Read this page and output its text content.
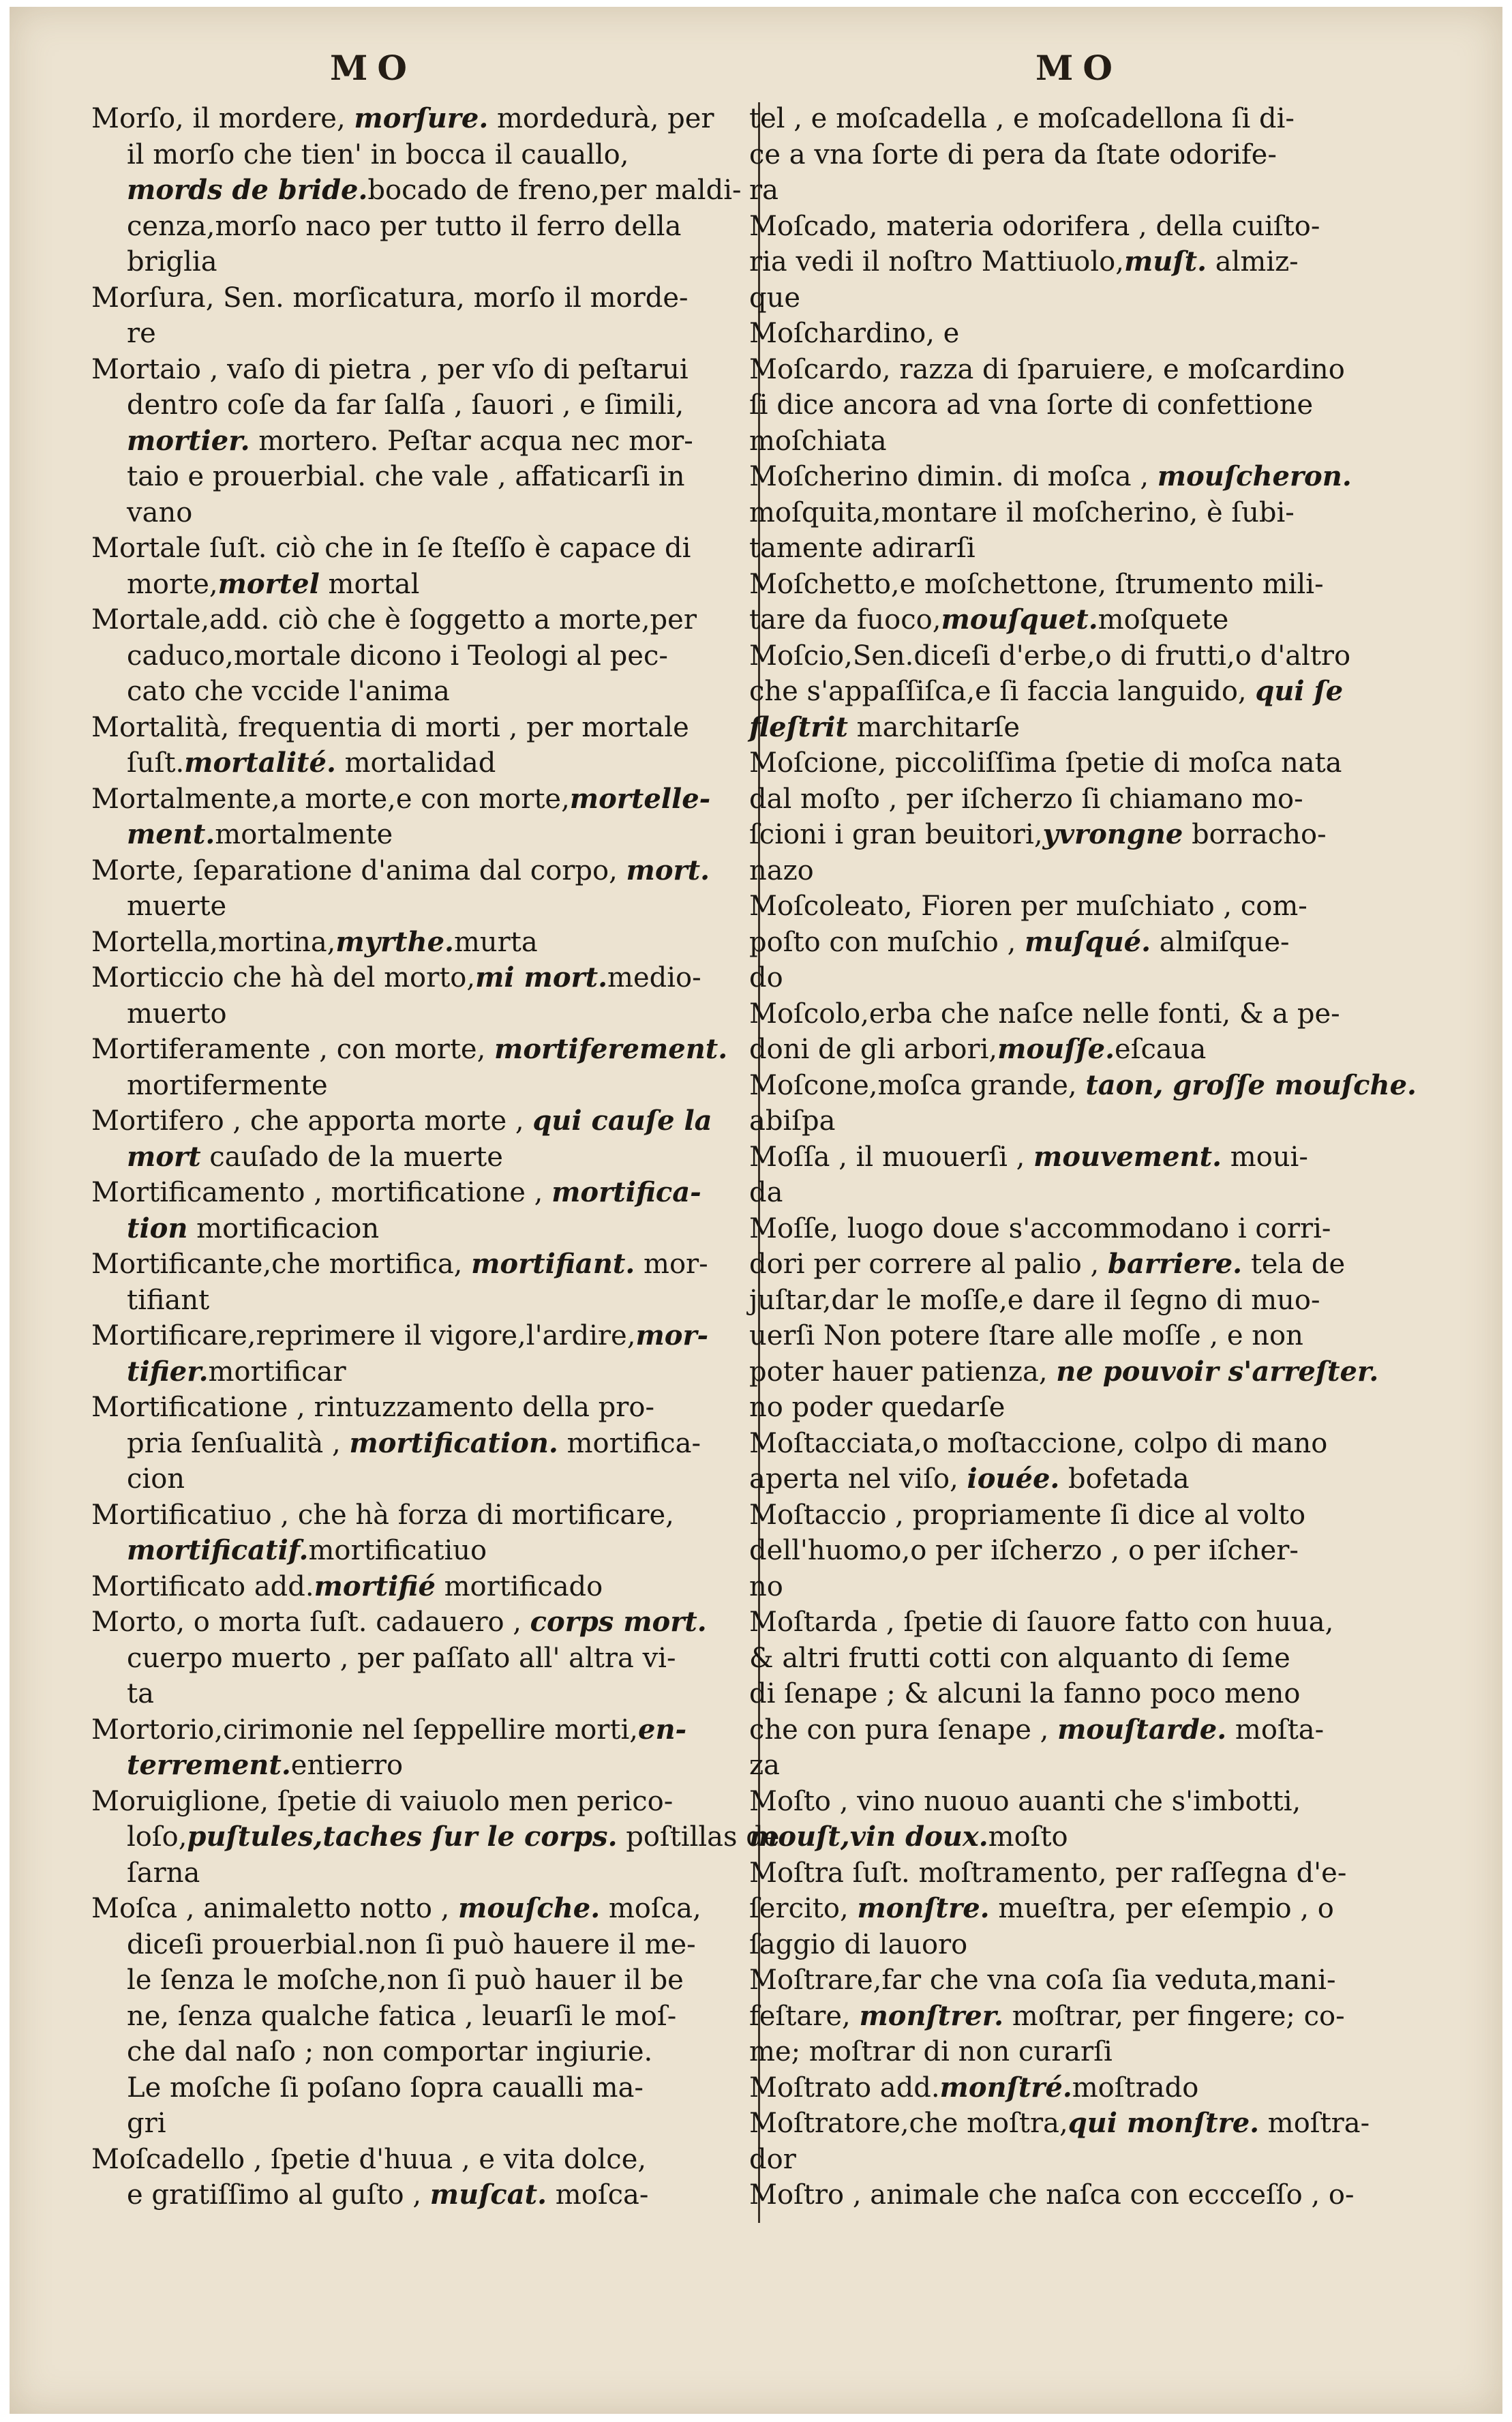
MO	MO
Morſo, il mordere, morſure. mordedurà, per
il morſo che tien' in bocca il cauallo,
mords de bride.bocado de freno,per maldi-
cenza,morſo naco per tutto il ferro della
briglia
Morſura, Sen. morſicatura, morſo il morde-
re
Mortaio , vaſo di pietra , per vſo di peſtarui
dentro coſe da far ſalſa , ſauori , e ſimili,
mortier. mortero. Peſtar acqua nec mor-
taio e prouerbial. che vale , affaticarſi in
vano
Mortale ſuſt. ciò che in ſe ſteſſo è capace di
morte,mortel mortal
Mortale,add. ciò che è ſoggetto a morte,per
caduco,mortale dicono i Teologi al pec-
cato che vccide l'anima
Mortalità, frequentia di morti , per mortale
ſuſt.mortalité. mortalidad
Mortalmente,a morte,e con morte,mortelle-
ment.mortalmente
Morte, ſeparatione d'anima dal corpo, mort.
muerte
Mortella,mortina,myrthe.murta
Morticcio che hà del morto,mi mort.medio-
muerto
Mortiferamente , con morte, mortiferement.
mortifermente
Mortifero , che apporta morte , qui cauſe la
mort cauſado de la muerte
Mortificamento , mortificatione , mortifica-
tion mortificacion
Mortificante,che mortifica, mortifiant. mor-
tifiant
Mortificare,reprimere il vigore,l'ardire,mor-
tifier.mortificar
Mortificatione , rintuzzamento della pro-
pria ſenſualità , mortification. mortifica-
cion
Mortificatiuo , che hà forza di mortificare,
mortificatif.mortificatiuo
Mortificato add.mortifié mortificado
Morto, o morta ſuſt. cadauero , corps mort.
cuerpo muerto , per paſſato all' altra vi-
ta
Mortorio,cirimonie nel ſeppellire morti,en-
terrement.entierro
Moruiglione, ſpetie di vaiuolo men perico-
loſo,puſtules,taches ſur le corps. poſtillas de
ſarna
Moſca , animaletto notto , mouſche. moſca,
diceſi prouerbial.non ſi può hauere il me-
le ſenza le moſche,non ſi può hauer il be
ne, ſenza qualche fatica , leuarſi le moſ-
che dal naſo ; non comportar ingiurie.
Le moſche ſi poſano ſopra caualli ma-
gri
Moſcadello , ſpetie d'huua , e vita dolce,
e gratiſſimo al guſto , muſcat. moſca-
tel , e moſcadella , e moſcadellona ſi di-
ce a vna ſorte di pera da ſtate odorife-
ra
Moſcado, materia odorifera , della cuiſto-
ria vedi il noſtro Mattiuolo,muſt. almiz-
que
Moſchardino, e
Moſcardo, razza di ſparuiere, e moſcardino
ſi dice ancora ad vna ſorte di confettione
moſchiata
Moſcherino dimin. di moſca , mouſcheron.
moſquita,montare il moſcherino, è ſubi-
tamente adirarſi
Moſchetto,e moſchettone, ſtrumento mili-
tare da fuoco,mouſquet.moſquete
Moſcio,Sen.diceſi d'erbe,o di frutti,o d'altro
che s'appaſſiſca,e ſi faccia languido, qui ſe
fleſtrit marchitarſe
Moſcione, piccoliſſima ſpetie di moſca nata
dal moſto , per iſcherzo ſi chiamano mo-
ſcioni i gran beuitori,yvrongne borracho-
nazo
Moſcoleato, Fioren per muſchiato , com-
poſto con muſchio , muſqué. almiſque-
do
Moſcolo,erba che naſce nelle fonti, & a pe-
doni de gli arbori,mouſſe.eſcaua
Moſcone,moſca grande, taon, groſſe mouſche.
abiſpa
Moſſa , il muouerſi , mouvement. moui-
da
Moſſe, luogo doue s'accommodano i corri-
dori per correre al palio , barriere. tela de
juſtar,dar le moſſe,e dare il ſegno di muo-
uerſi Non potere ſtare alle moſſe , e non
poter hauer patienza, ne pouvoir s'arreſter.
no poder quedarſe
Moſtacciata,o moſtaccione, colpo di mano
aperta nel viſo, iouée. bofetada
Moſtaccio , propriamente ſi dice al volto
dell'huomo,o per iſcherzo , o per iſcher-
no
Moſtarda , ſpetie di ſauore fatto con huua,
& altri frutti cotti con alquanto di ſeme
di ſenape ; & alcuni la fanno poco meno
che con pura ſenape , mouſtarde. moſta-
za
Moſto , vino nuouo auanti che s'imbotti,
mouſt,vin doux.moſto
Moſtra ſuſt. moſtramento, per raſſegna d'e-
ſercito, monſtre. mueſtra, per eſempio , o
ſaggio di lauoro
Moſtrare,far che vna coſa ſia veduta,mani-
feſtare, monſtrer. moſtrar, per fingere; co-
me; moſtrar di non curarſi
Moſtrato add.monſtré.moſtrado
Moſtratore,che moſtra,qui monſtre. moſtra-
dor
Moſtro , animale che naſca con eccceſſo , o-
